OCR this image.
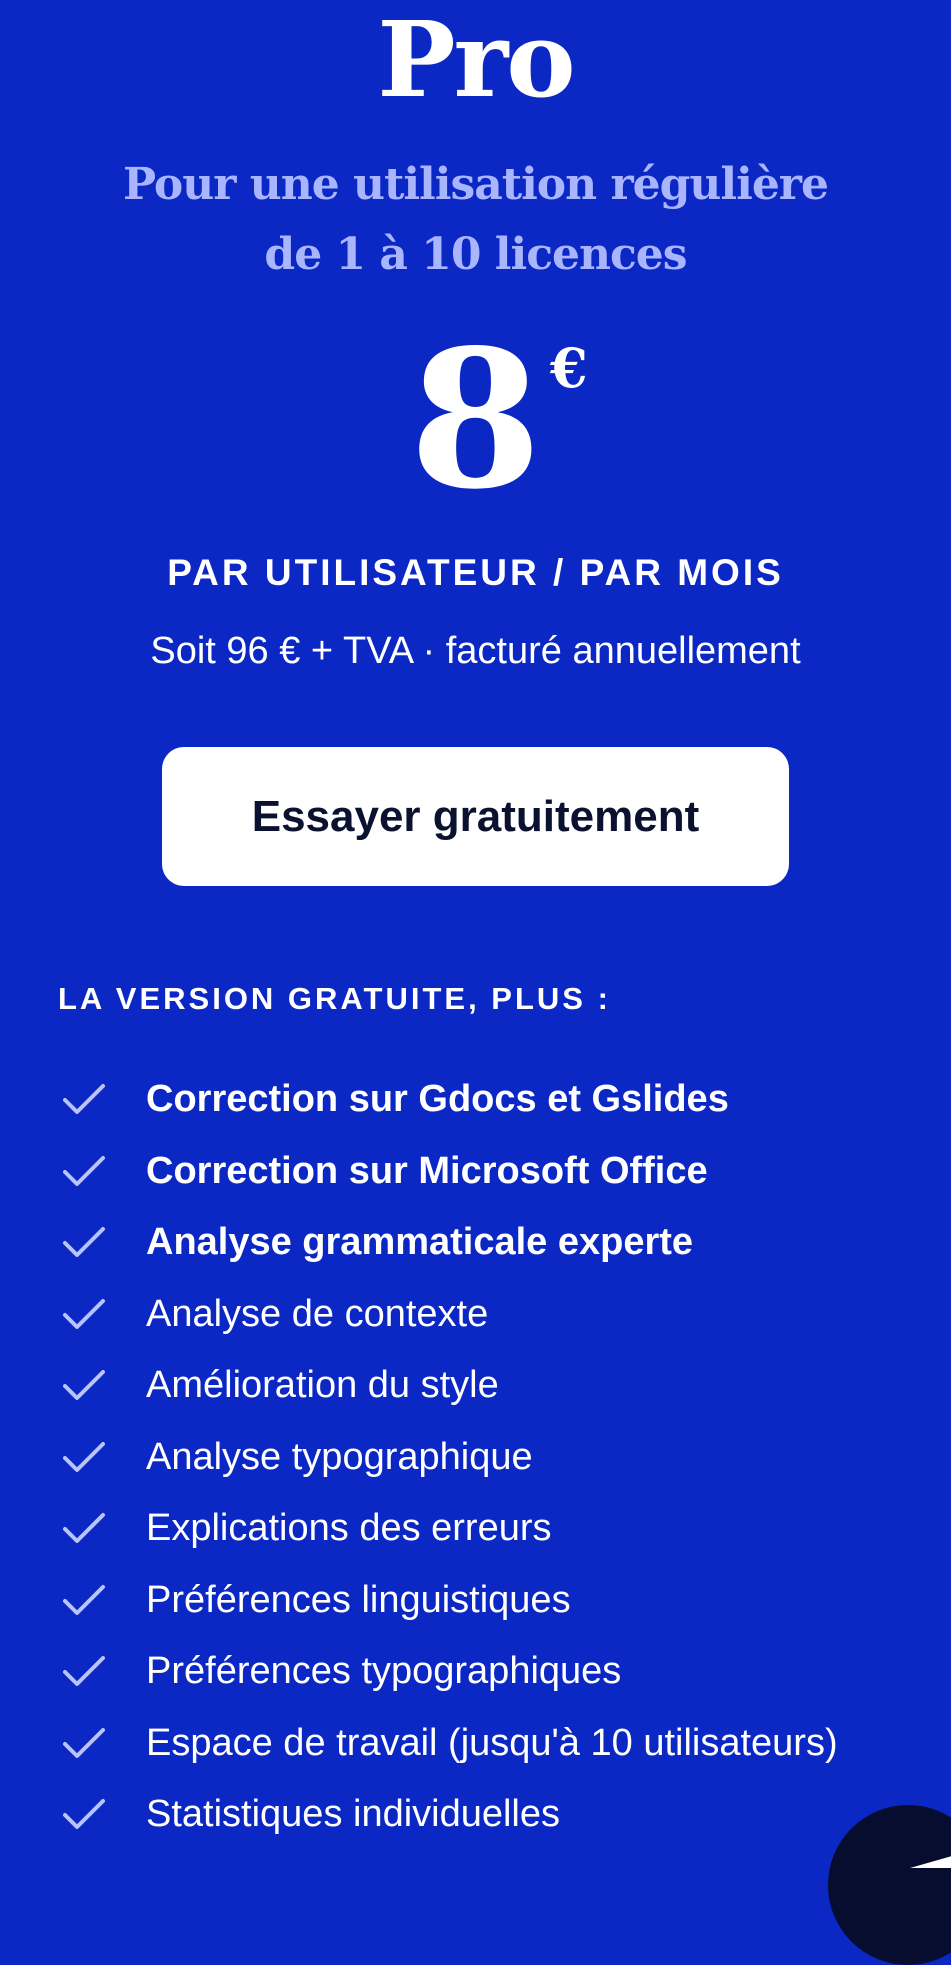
Pro
Pour une utilisation régulière de 1 à 10 licences
8 €
PAR UTILISATEUR / PAR MOIS
Soit 96 € + TVA · facturé annuellement
Essayer gratuitement
LA VERSION GRATUITE, PLUS :
Correction sur Gdocs et Gslides
Correction sur Microsoft Office
Analyse grammaticale experte
Analyse de contexte
Amélioration du style
Analyse typographique
Explications des erreurs
Préférences linguistiques
Préférences typographiques
Espace de travail (jusqu'à 10 utilisateurs)
Statistiques individuelles
